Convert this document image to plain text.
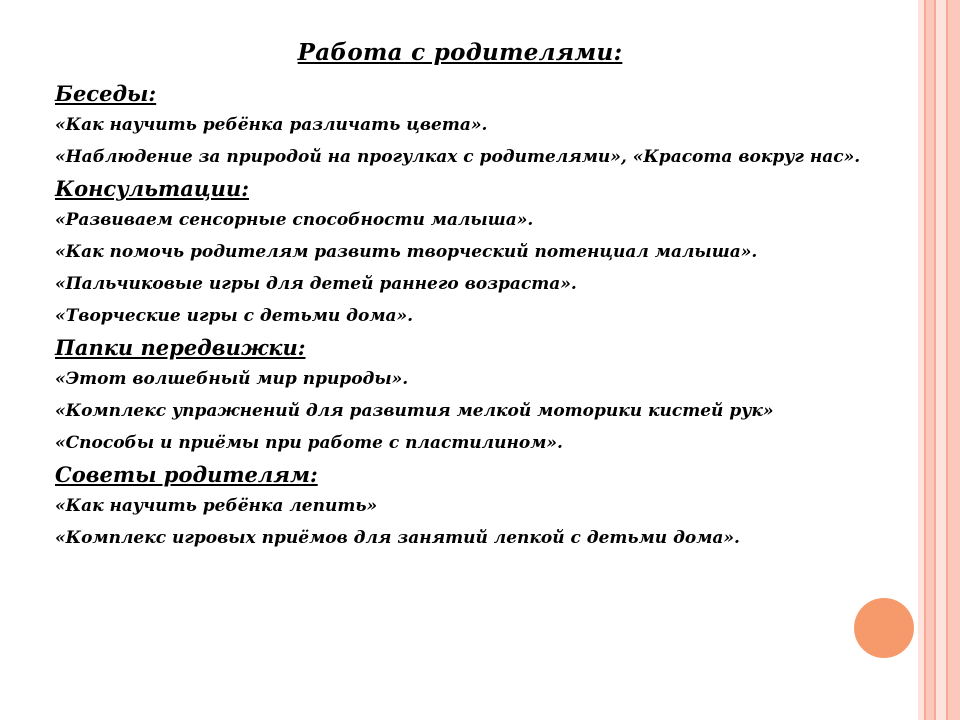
Работа с родителями:

Беседы:

«Как научить ребёнка различать цвета».

«Наблюдение за природой на прогулках с родителями», «Красота вокруг нас».

Консультации:

«Развиваем сенсорные способности малыша».

«Как помочь родителям развить творческий потенциал малыша».

«Пальчиковые игры для детей раннего возраста».

«Творческие игры с детьми дома».

Папки передвижки:

«Этот волшебный мир природы».

«Комплекс упражнений для развития мелкой моторики кистей рук»

«Способы и приёмы при работе с пластилином».

Советы родителям:

«Как научить ребёнка лепить»

«Комплекс игровых приёмов для занятий лепкой с детьми дома».
